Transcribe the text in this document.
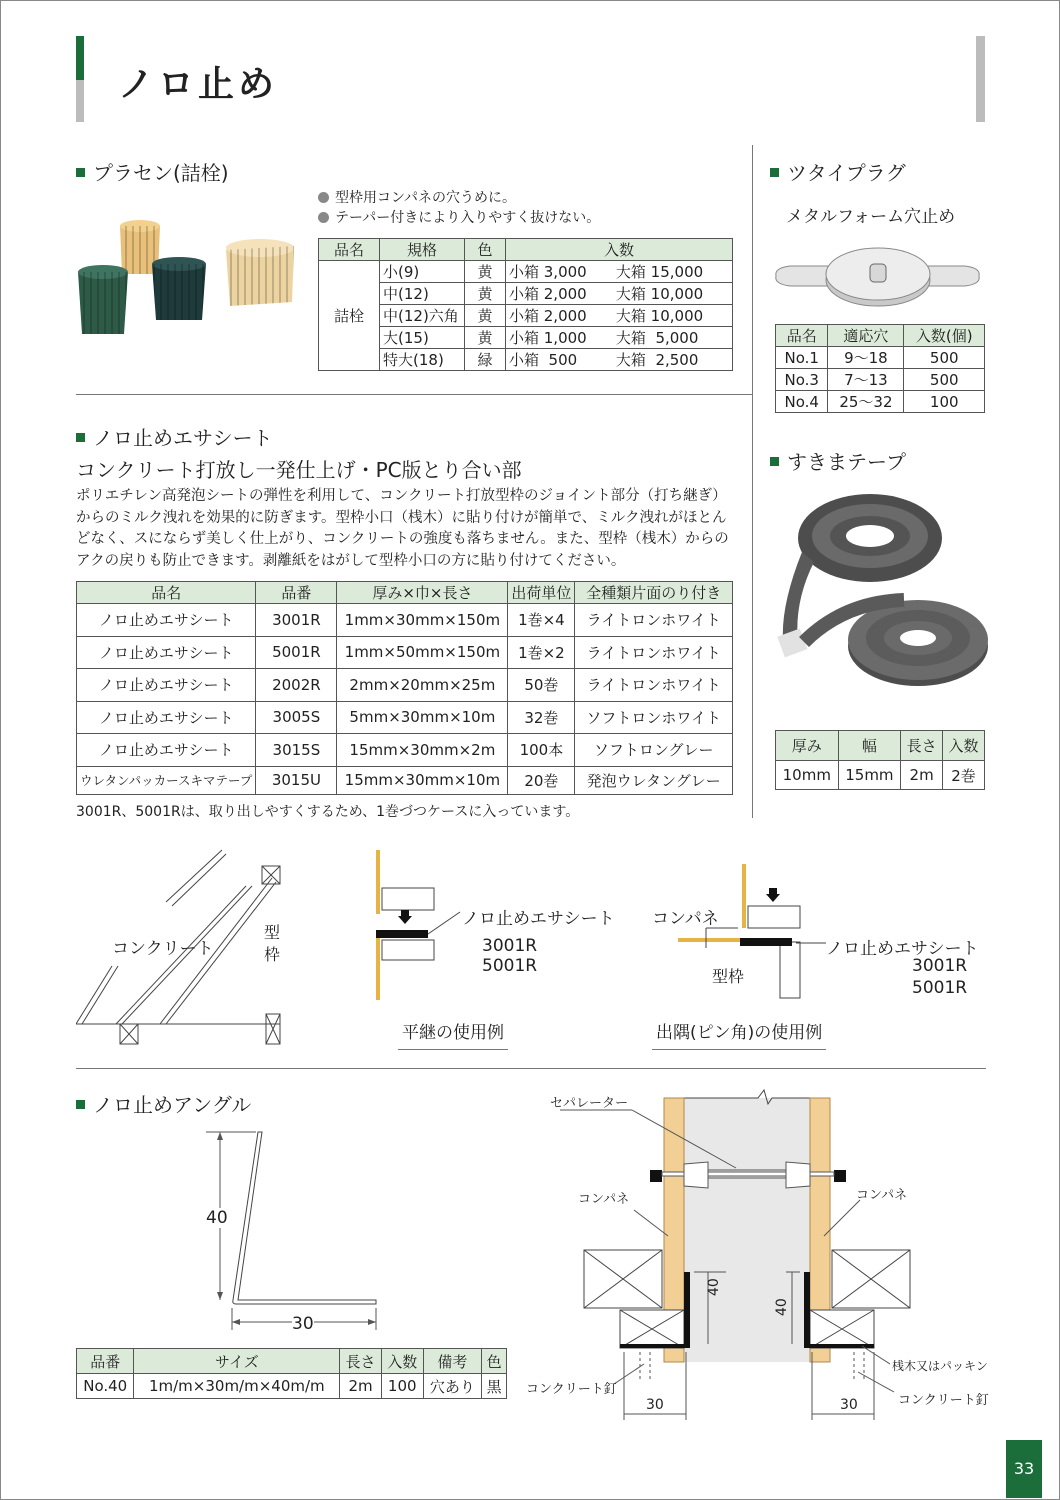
ノロ止め
プラセン(詰栓)
型枠用コンパネの穴うめに。
テーパー付きにより入りやすく抜けない。
品名	規格	色	入数	
詰栓	小(9)	黄	小箱 3,000	大箱 15,000
	中(12)	黄	小箱 2,000	大箱 10,000
	中(12)六角	黄	小箱 2,000	大箱 10,000
	大(15)	黄	小箱 1,000	大箱  5,000
	特大(18)	緑	小箱  500	大箱  2,500
ツタイプラグ
メタルフォーム穴止め
品名	適応穴	入数(個)
No.1	9〜18	500
No.3	7〜13	500
No.4	25〜32	100
すきまテープ
厚み	幅	長さ	入数
10mm	15mm	2m	2巻
ノロ止めエサシート
コンクリート打放し一発仕上げ・PC版とり合い部
ポリエチレン高発泡シートの弾性を利用して、コンクリート打放型枠のジョイント部分（打ち継ぎ）からのミルク洩れを効果的に防ぎます。型枠小口（桟木）に貼り付けが簡単で、ミルク洩れがほとんどなく、スにならず美しく仕上がり、コンクリートの強度も落ちません。また、型枠（桟木）からのアクの戻りも防止できます。剥離紙をはがして型枠小口の方に貼り付けてください。
品名	品番	厚み×巾×長さ	出荷単位	全種類片面のり付き
ノロ止めエサシート	3001R	1mm×30mm×150m	1巻×4	ライトロンホワイト
ノロ止めエサシート	5001R	1mm×50mm×150m	1巻×2	ライトロンホワイト
ノロ止めエサシート	2002R	2mm×20mm×25m	50巻	ライトロンホワイト
ノロ止めエサシート	3005S	5mm×30mm×10m	32巻	ソフトロンホワイト
ノロ止めエサシート	3015S	15mm×30mm×2m	100本	ソフトロングレー
ウレタンパッカースキマテープ	3015U	15mm×30mm×10m	20巻	発泡ウレタングレー
3001R、5001Rは、取り出しやすくするため、1巻づつケースに入っています。
コンクリート
型枠
ノロ止めエサシート
3001R
5001R
平継の使用例
コンパネ
型枠
ノロ止めエサシート
3001R
5001R
出隅(ピン角)の使用例
ノロ止めアングル
40
30
品番	サイズ	長さ	入数	備考	色
No.40	1m/m×30m/m×40m/m	2m	100	穴あり	黒
セパレーター
コンパネ	コンパネ
40
40
30	30
コンクリート釘
桟木又はパッキン
コンクリート釘
33
